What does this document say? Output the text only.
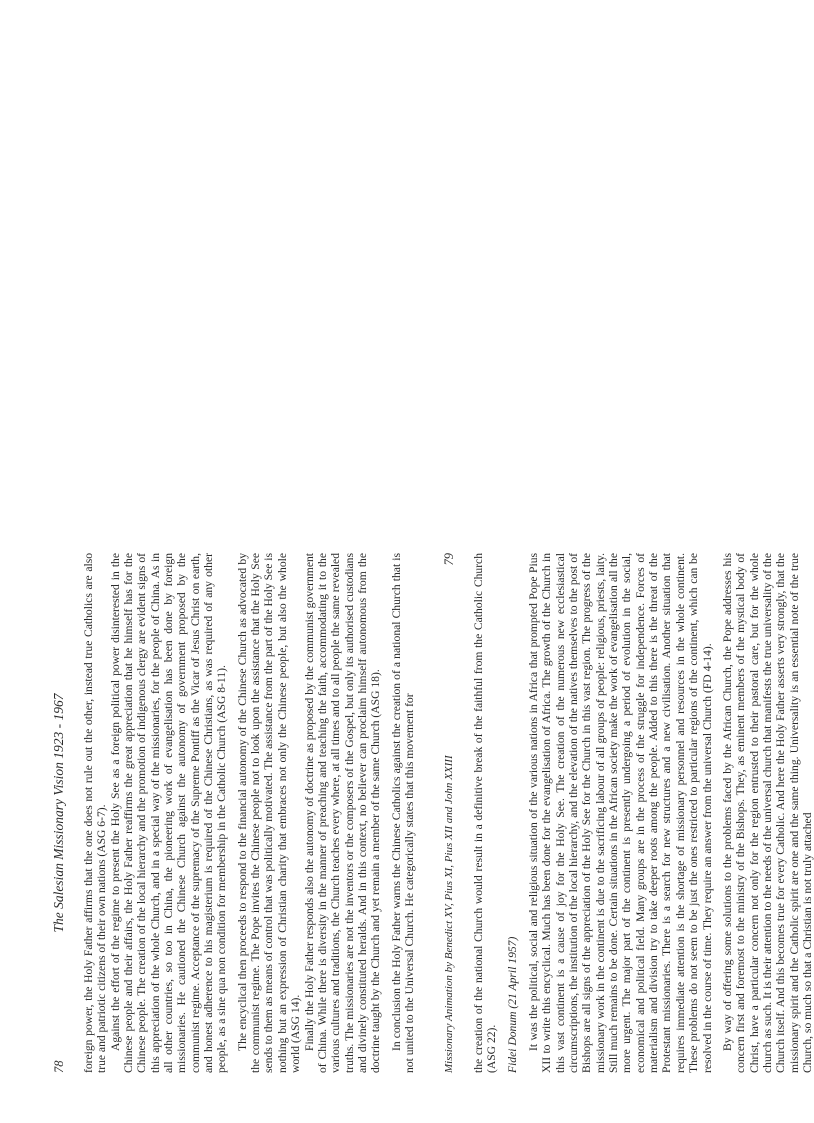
78
The Salesian Missionary Vision 1923 - 1967 foreign power, the Holy Father affirms that the one does not rule out the other, instead true Catholics are also true and patriotic citizens of their own nations (ASG 6-7). Against the effort of the regime to present the Holy See as a foreign political power disinterested in the Chinese people and their affairs, the Holy Father reaffirms the great appreciation that he himself has for the Chinese people. The creation of the local hierarchy and the promotion of indigenous clergy are evident signs of this appreciation of the whole Church, and in a special way of the missionaries, for the people of China. As in all other countries, so too in China, the pioneering work of evangelisation has been done by foreign missionaries. He cautioned the Chinese Church against the autonomy of government proposed by the communist regime. Acceptance of the supremacy of the Supreme Pontiff as the Vicar of Jesus Christ on earth, and honest adherence to his magisterium is required of the Chinese Christians, as was required of any other people, as a sine qua non condition for membership in the Catholic Church (ASG 8-11). The encyclical then proceeds to respond to the financial autonomy of the Chinese Church as advocated by the communist regime. The Pope invites the Chinese people not to look upon the assistance that the Holy See sends to them as means of control that was politically motivated. The assistance from the part of the Holy See is nothing but an expression of Christian charity that embraces not only the Chinese people, but also the whole world (ASG 14). Finally the Holy Father responds also the autonomy of doctrine as proposed by the communist government of China. While there is diversity in the manner of preaching and teaching the faith, accommodating it to the various cultures and traditions, the Church teaches every where, at all times and to all people the same revealed truths. The missionaries are not the inventors or the composers of the Gospel, but only its authorised custodians and divinely constituted heralds. And in this context, no believer can proclaim himself autonomous from the doctrine taught by the Church and yet remain a member of the same Church (ASG 18). In conclusion the Holy Father warns the Chinese Catholics against the creation of a national Church that is not united to the Universal Church. He categorically states that this movement for Missionary Animation by Benedict XV, Pius XI, Pius XII and John XXIII
79 the creation of the national Church would result in a definitive break of the faithful from the Catholic Church (ASG 22). Fidei Donum (21 April 1957) It was the political, social and religious situation of the various nations in Africa that prompted Pope Pius XII to write this encyclical. Much has been done for the evangelisation of Africa. The growth of the Church in this vast continent is a cause of joy for the Holy See. The creation of the numerous new ecclesiastical circumscriptions, the institution of the local hierarchy, and the elevation of the natives themselves to the post of Bishops are all signs of the appreciation of the Holy See for the Church in this vast region. The progress of the missionary work in the continent is due to the sacrificing labour of all groups of people: religious, priests, laity. Still much remains to be done. Certain situations in the African society make the work of evangelisation all the more urgent. The major part of the continent is presently undergoing a period of evolution in the social, economical and political field. Many groups are in the process of the struggle for independence. Forces of materialism and division try to take deeper roots among the people. Added to this there is the threat of the Protestant missionaries. There is a search for new structures and a new civilisation. Another situation that requires immediate attention is the shortage of missionary personnel and resources in the whole continent. These problems do not seem to be just the ones restricted to particular regions of the continent, which can be resolved in the course of time. They require an answer from the universal Church (FD 4-14). By way of offering some solutions to the problems faced by the African Church, the Pope addresses his concern first and foremost to the ministry of the Bishops. They, as eminent members of the mystical body of Christ, have a particular concern not only for the region entrusted to their pastoral care, but for the whole church as such. It is their attention to the needs of the universal church that manifests the true universality of the Church itself. And this becomes true for every Catholic. And here the Holy Father asserts very strongly, that the missionary spirit and the Catholic spirit are one and the same thing. Universality is an essential note of the true Church, so much so that a Christian is not truly attached
